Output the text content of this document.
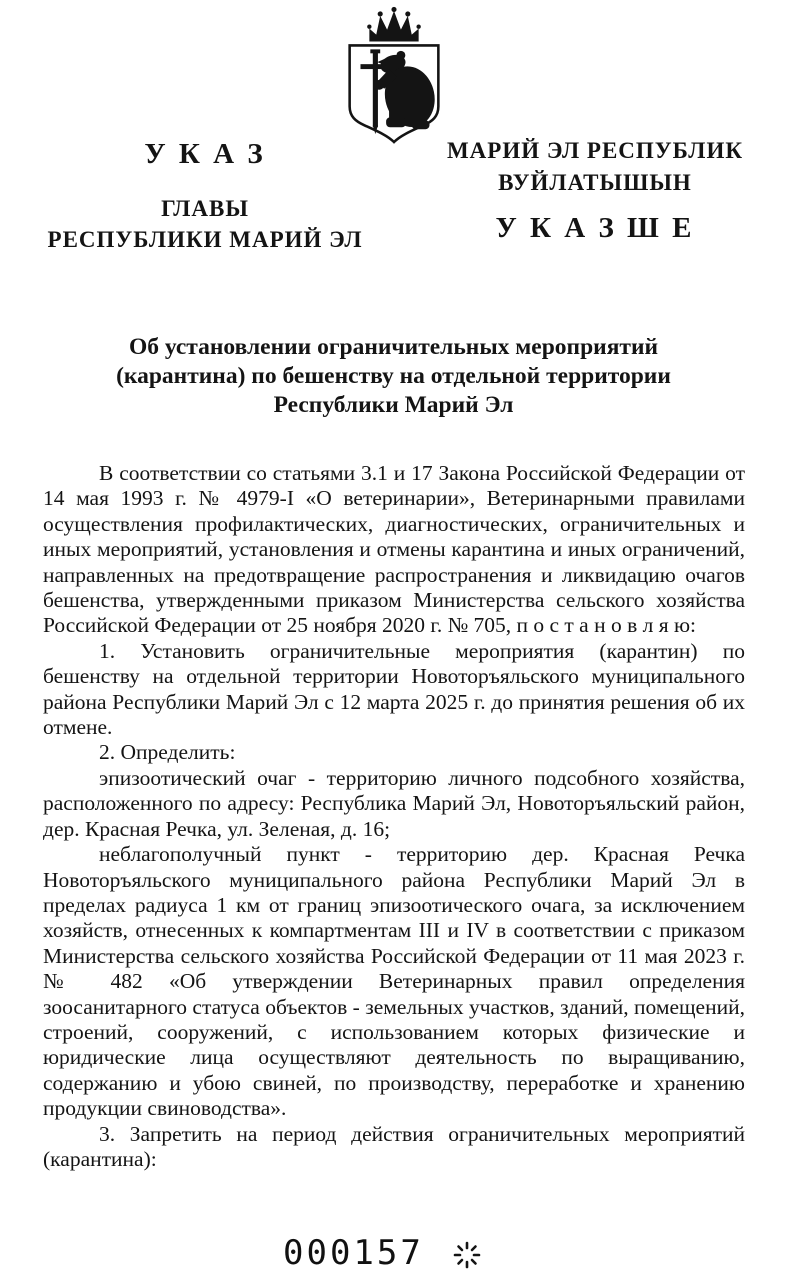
У К А З
ГЛАВЫ
РЕСПУБЛИКИ МАРИЙ ЭЛ
МАРИЙ ЭЛ РЕСПУБЛИК
ВУЙЛАТЫШЫН
У К А З Ш Е
Об установлении ограничительных мероприятий
(карантина) по бешенству на отдельной территории
Республики Марий Эл

В соответствии со статьями 3.1 и 17 Закона Российской Федерации от 14 мая 1993 г. № 4979-I «О ветеринарии», Ветеринарными правилами осуществления профилактических, диагностических, ограничительных и иных мероприятий, установления и отмены карантина и иных ограничений, направленных на предотвращение распространения и ликвидацию очагов бешенства, утвержденными приказом Министерства сельского хозяйства Российской Федерации от 25 ноября 2020 г. № 705, п о с т а н о в л я ю:

1. Установить ограничительные мероприятия (карантин) по бешенству на отдельной территории Новоторъяльского муниципального района Республики Марий Эл с 12 марта 2025 г. до принятия решения об их отмене.

2. Определить:

эпизоотический очаг - территорию личного подсобного хозяйства, расположенного по адресу: Республика Марий Эл, Новоторъяльский район, дер. Красная Речка, ул. Зеленая, д. 16;

неблагополучный пункт - территорию дер. Красная Речка Новоторъяльского муниципального района Республики Марий Эл в пределах радиуса 1 км от границ эпизоотического очага, за исключением хозяйств, отнесенных к компартментам III и IV в соответствии с приказом Министерства сельского хозяйства Российской Федерации от 11 мая 2023 г. № 482 «Об утверждении Ветеринарных правил определения зоосанитарного статуса объектов - земельных участков, зданий, помещений, строений, сооружений, с использованием которых физические и юридические лица осуществляют деятельность по выращиванию, содержанию и убою свиней, по производству, переработке и хранению продукции свиноводства».

3. Запретить на период действия ограничительных мероприятий (карантина):

000157
